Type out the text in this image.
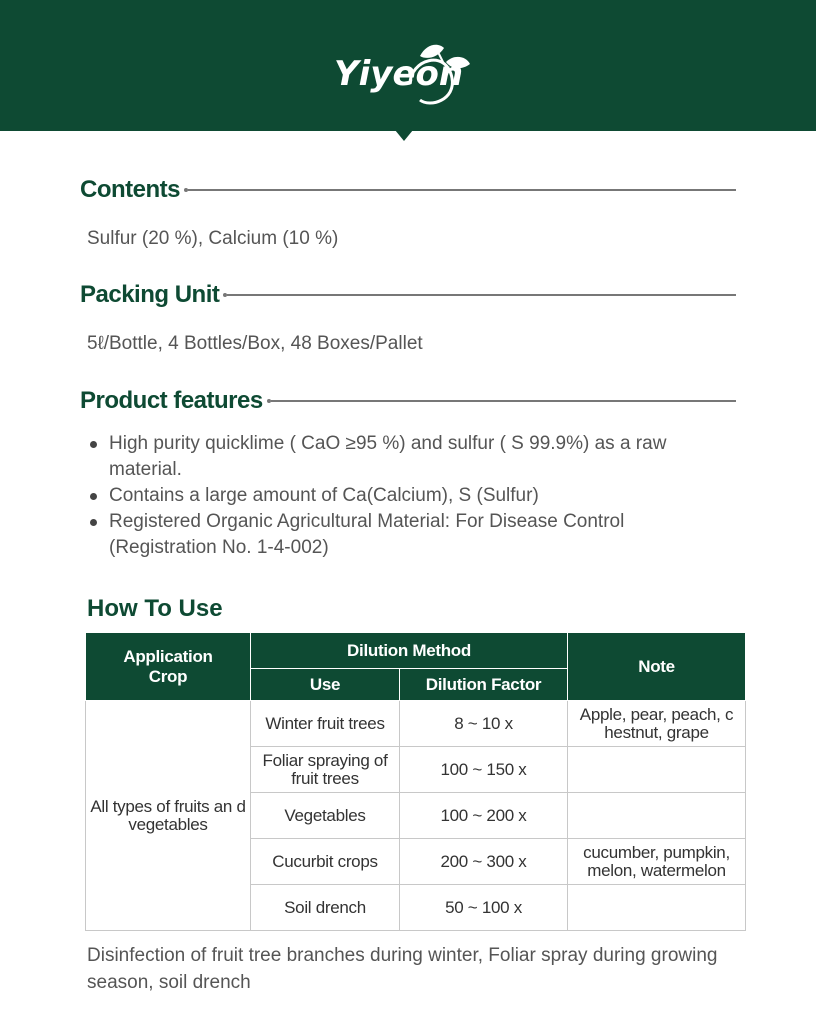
Yiyeon
Contents

Sulfur (20 %), Calcium (10 %)

Packing Unit

5ℓ/Bottle, 4 Bottles/Box, 48 Boxes/Pallet

Product features
High purity quicklime ( CaO ≥95 %) and sulfur ( S 99.9%) as a raw material.
Contains a large amount of Ca(Calcium), S (Sulfur)
Registered Organic Agricultural Material: For Disease Control (Registration No. 1-4-002)
How To Use
Application Crop	Dilution Method		Note
	Use	Dilution Factor	
All types of fruits an d vegetables	Winter fruit trees	8 ~ 10 x	Apple, pear, peach, c hestnut, grape
	Foliar spraying of fruit trees	100 ~ 150 x	
	Vegetables	100 ~ 200 x	
	Cucurbit crops	200 ~ 300 x	cucumber, pumpkin, melon, watermelon
	Soil drench	50 ~ 100 x	

Disinfection of fruit tree branches during winter, Foliar spray during growing season, soil drench
